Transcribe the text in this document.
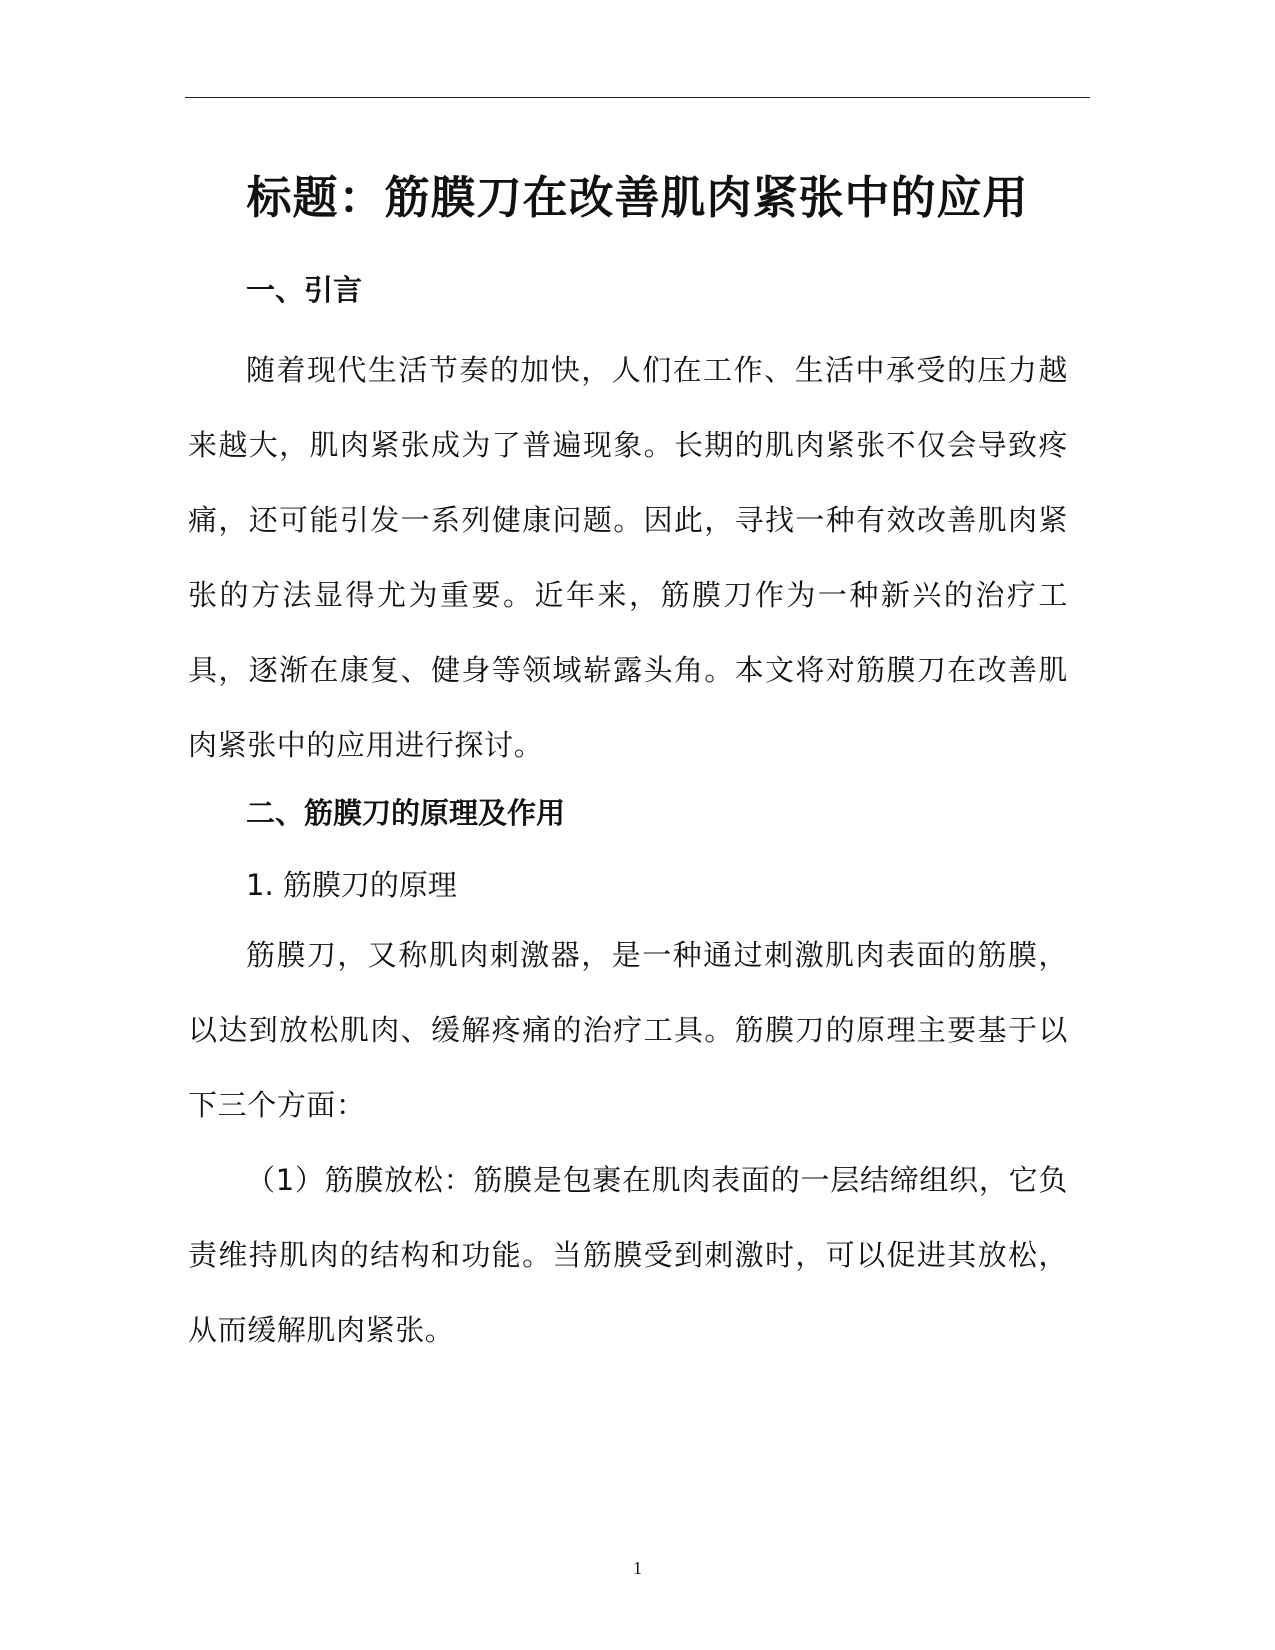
标题：筋膜刀在改善肌肉紧张中的应用
一、引言

随着现代生活节奏的加快，人们在工作、生活中承受的压力越来越大，肌肉紧张成为了普遍现象。长期的肌肉紧张不仅会导致疼痛，还可能引发一系列健康问题。因此，寻找一种有效改善肌肉紧张的方法显得尤为重要。近年来，筋膜刀作为一种新兴的治疗工具，逐渐在康复、健身等领域崭露头角。本文将对筋膜刀在改善肌肉紧张中的应用进行探讨。

二、筋膜刀的原理及作用
1. 筋膜刀的原理

筋膜刀，又称肌肉刺激器，是一种通过刺激肌肉表面的筋膜，以达到放松肌肉、缓解疼痛的治疗工具。筋膜刀的原理主要基于以下三个方面：

（1）筋膜放松：筋膜是包裹在肌肉表面的一层结缔组织，它负责维持肌肉的结构和功能。当筋膜受到刺激时，可以促进其放松，从而缓解肌肉紧张。

1
